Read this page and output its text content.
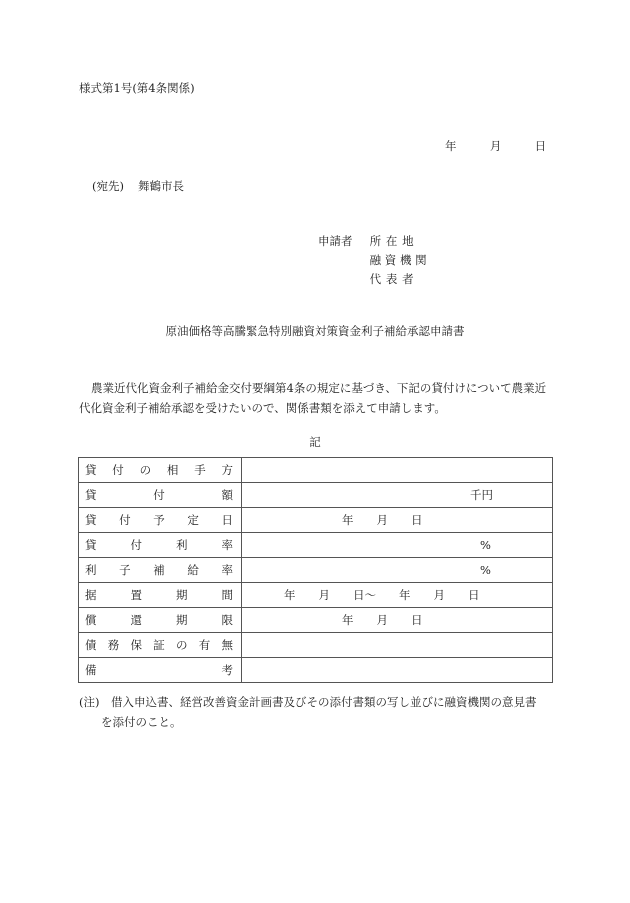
様式第1号(第4条関係)
年	月	日
(宛先) 舞鶴市長
申請者 所 在 地
融 資 機 関
代 表 者
原油価格等高騰緊急特別融資対策資金利子補給承認申請書
農業近代化資金利子補給金交付要綱第4条の規定に基づき、下記の貸付けについて農業近代化資金利子補給承認を受けたいので、関係書類を添えて申請します。
記
貸 付 の 相 手 方	

貸 付 額	千円

貸 付 予 定 日	年　　月　　日

貸 付 利 率	%

利 子 補 給 率	%

据 置 期 間	年　　月　　日〜　　年　　月　　日

償 還 期 限	年　　月　　日

債 務 保 証 の 有 無	

備 考	

(注) 借入申込書、経営改善資金計画書及びその添付書類の写し並びに融資機関の意見書
を添付のこと。
